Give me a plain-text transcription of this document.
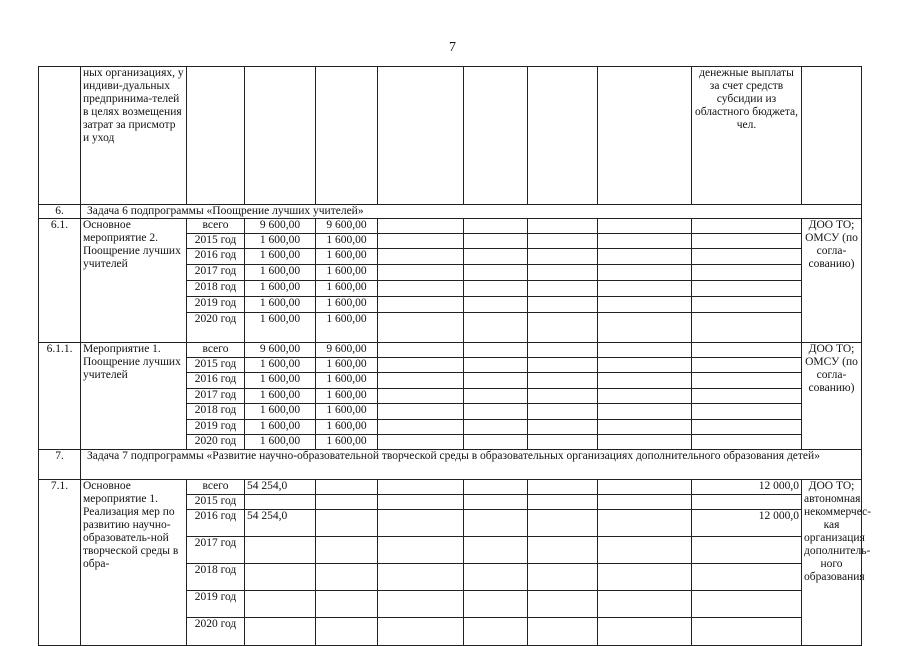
7
	ных организациях, у индиви-дуальных предпринима-телей в целях возмещения затрат за присмотр и уход								денежные выплаты за счет средств субсидии из областного бюджета, чел.		
6.	Задача 6 подпрограммы «Поощрение лучших учителей»										
6.1.	Основное мероприятие 2. Поощрение лучших учителей	всего	9 600,00	9 600,00						ДОО ТО; ОМСУ (по согла-сованию)		
		2015 год	1 600,00	1 600,00							
		2016 год	1 600,00	1 600,00						
		2017 год	1 600,00	1 600,00						
		2018 год	1 600,00	1 600,00						
		2019 год	1 600,00	1 600,00						
		2020 год	1 600,00	1 600,00						
6.1.1.	Мероприятие 1. Поощрение лучших учителей	всего	9 600,00	9 600,00						ДОО ТО; ОМСУ (по согла-сованию)		
		2015 год	1 600,00	1 600,00							
		2016 год	1 600,00	1 600,00						
		2017 год	1 600,00	1 600,00						
		2018 год	1 600,00	1 600,00						
		2019 год	1 600,00	1 600,00						
		2020 год	1 600,00	1 600,00						
7.	Задача 7 подпрограммы «Развитие научно-образовательной творческой среды в образовательных организациях дополнительного образования детей»										
7.1.	Основное мероприятие 1. Реализация мер по развитию научно-образователь-ной творческой среды в обра-	всего	54 254,0						12 000,0	ДОО ТО; автономная некоммерчес-кая организация дополнитель-ного образования		
		2015 год									
		2016 год	54 254,0						12 000,0	
		2017 год								
		2018 год								
		2019 год								
		2020 год									
